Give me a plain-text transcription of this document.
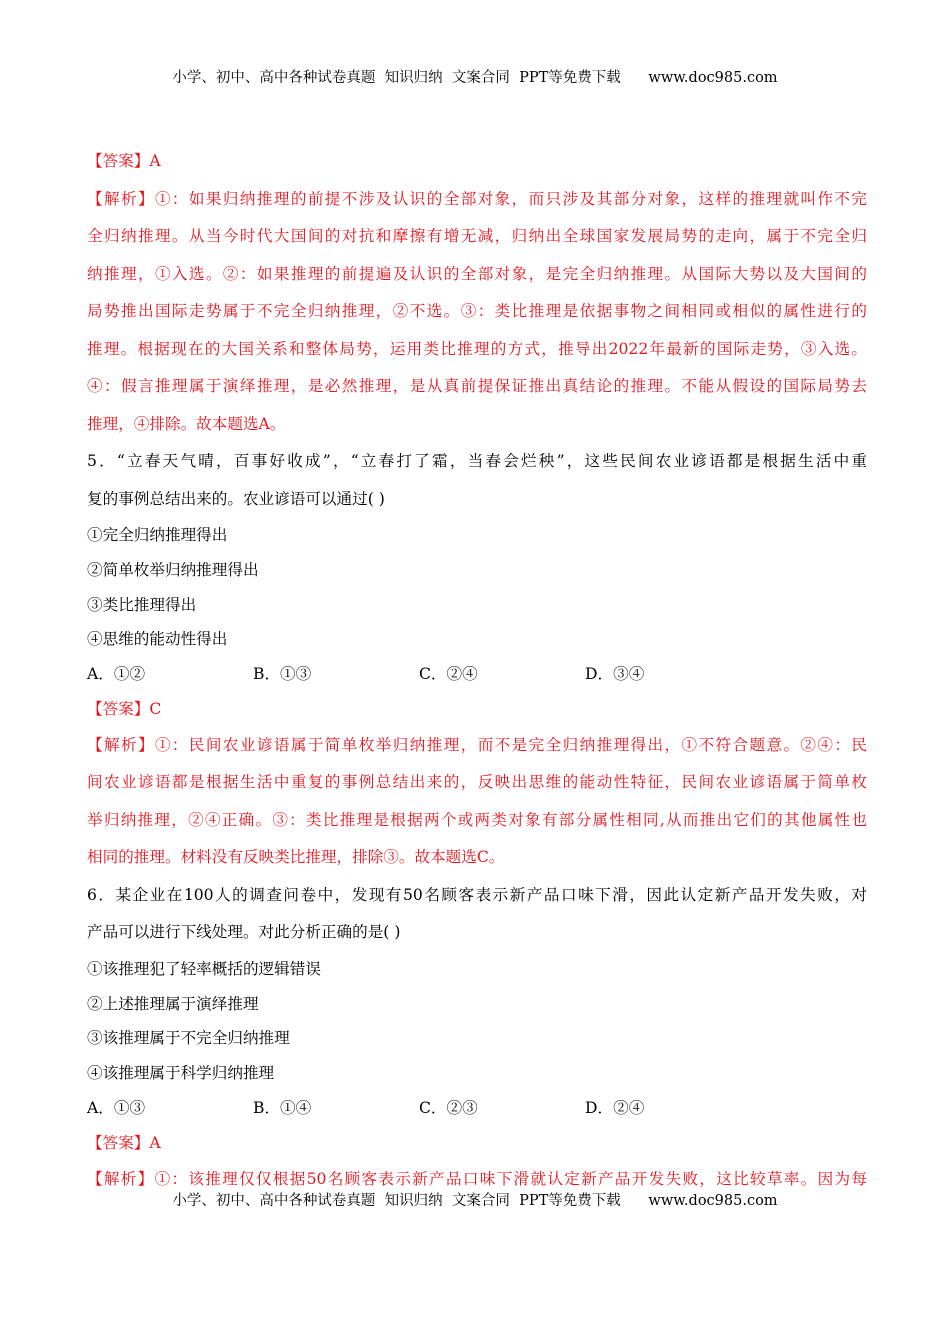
小学、初中、高中各种试卷真题  知识归纳  文案合同  PPT等免费下载      www.doc985.com
【答案】A
【解析】①：如果归纳推理的前提不涉及认识的全部对象，而只涉及其部分对象，这样的推理就叫作不完
全归纳推理。从当今时代大国间的对抗和摩擦有增无减，归纳出全球国家发展局势的走向，属于不完全归
纳推理，①入选。②：如果推理的前提遍及认识的全部对象，是完全归纳推理。从国际大势以及大国间的
局势推出国际走势属于不完全归纳推理，②不选。③：类比推理是依据事物之间相同或相似的属性进行的
推理。根据现在的大国关系和整体局势，运用类比推理的方式，推导出2022年最新的国际走势，③入选。
④：假言推理属于演绎推理，是必然推理，是从真前提保证推出真结论的推理。不能从假设的国际局势去
推理，④排除。故本题选A。
5．“立春天气晴，百事好收成”，“立春打了霜，当春会烂秧”，这些民间农业谚语都是根据生活中重
复的事例总结出来的。农业谚语可以通过( )
①完全归纳推理得出
②简单枚举归纳推理得出
③类比推理得出
④思维的能动性得出
A．①②	B．①③	C．②④	D．③④
【答案】C
【解析】①：民间农业谚语属于简单枚举归纳推理，而不是完全归纳推理得出，①不符合题意。②④：民
间农业谚语都是根据生活中重复的事例总结出来的，反映出思维的能动性特征，民间农业谚语属于简单枚
举归纳推理，②④正确。③：类比推理是根据两个或两类对象有部分属性相同,从而推出它们的其他属性也
相同的推理。材料没有反映类比推理，排除③。故本题选C。
6．某企业在100人的调查问卷中，发现有50名顾客表示新产品口味下滑，因此认定新产品开发失败，对
产品可以进行下线处理。对此分析正确的是( )
①该推理犯了轻率概括的逻辑错误
②上述推理属于演绎推理
③该推理属于不完全归纳推理
④该推理属于科学归纳推理
A．①③	B．①④	C．②③	D．②④
【答案】A
【解析】①：该推理仅仅根据50名顾客表示新产品口味下滑就认定新产品开发失败，这比较草率。因为每
小学、初中、高中各种试卷真题  知识归纳  文案合同  PPT等免费下载      www.doc985.com
